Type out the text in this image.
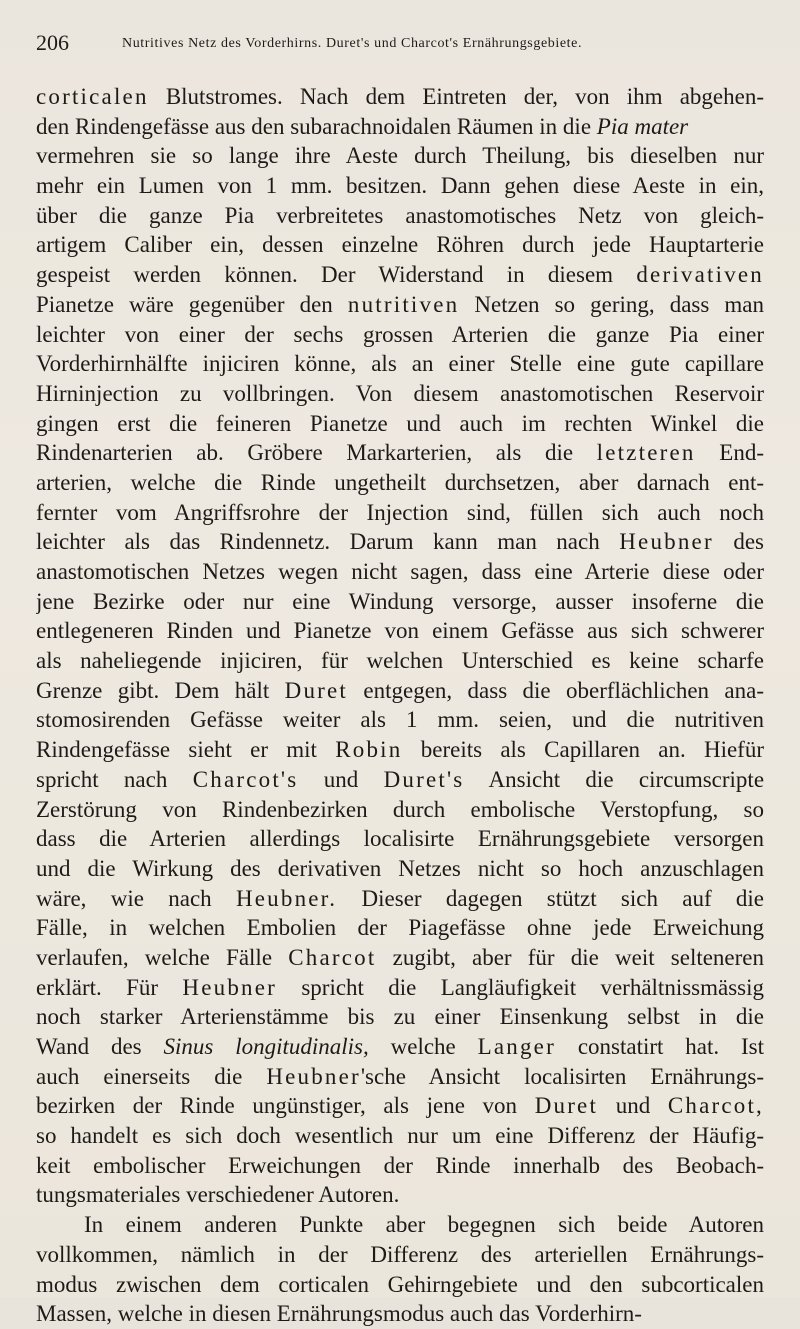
206	Nutritives Netz des Vorderhirns. Duret's und Charcot's Ernährungsgebiete.
corticalen Blutstromes. Nach dem Eintreten der, von ihm abgehen-
den Rindengefässe aus den subarachnoidalen Räumen in die Pia mater
vermehren sie so lange ihre Aeste durch Theilung, bis dieselben nur
mehr ein Lumen von 1 mm. besitzen. Dann gehen diese Aeste in ein,
über die ganze Pia verbreitetes anastomotisches Netz von gleich-
artigem Caliber ein, dessen einzelne Röhren durch jede Hauptarterie
gespeist werden können. Der Widerstand in diesem derivativen
Pianetze wäre gegenüber den nutritiven Netzen so gering, dass man
leichter von einer der sechs grossen Arterien die ganze Pia einer
Vorderhirnhälfte injiciren könne, als an einer Stelle eine gute capillare
Hirninjection zu vollbringen. Von diesem anastomotischen Reservoir
gingen erst die feineren Pianetze und auch im rechten Winkel die
Rindenarterien ab. Gröbere Markarterien, als die letzteren End-
arterien, welche die Rinde ungetheilt durchsetzen, aber darnach ent-
fernter vom Angriffsrohre der Injection sind, füllen sich auch noch
leichter als das Rindennetz. Darum kann man nach Heubner des
anastomotischen Netzes wegen nicht sagen, dass eine Arterie diese oder
jene Bezirke oder nur eine Windung versorge, ausser insoferne die
entlegeneren Rinden und Pianetze von einem Gefässe aus sich schwerer
als naheliegende injiciren, für welchen Unterschied es keine scharfe
Grenze gibt. Dem hält Duret entgegen, dass die oberflächlichen ana-
stomosirenden Gefässe weiter als 1 mm. seien, und die nutritiven
Rindengefässe sieht er mit Robin bereits als Capillaren an. Hiefür
spricht nach Charcot's und Duret's Ansicht die circumscripte
Zerstörung von Rindenbezirken durch embolische Verstopfung, so
dass die Arterien allerdings localisirte Ernährungsgebiete versorgen
und die Wirkung des derivativen Netzes nicht so hoch anzuschlagen
wäre, wie nach Heubner. Dieser dagegen stützt sich auf die
Fälle, in welchen Embolien der Piagefässe ohne jede Erweichung
verlaufen, welche Fälle Charcot zugibt, aber für die weit selteneren
erklärt. Für Heubner spricht die Langläufigkeit verhältnissmässig
noch starker Arterienstämme bis zu einer Einsenkung selbst in die
Wand des Sinus longitudinalis, welche Langer constatirt hat. Ist
auch einerseits die Heubner'sche Ansicht localisirten Ernährungs-
bezirken der Rinde ungünstiger, als jene von Duret und Charcot,
so handelt es sich doch wesentlich nur um eine Differenz der Häufig-
keit embolischer Erweichungen der Rinde innerhalb des Beobach-
tungsmateriales verschiedener Autoren.
In einem anderen Punkte aber begegnen sich beide Autoren
vollkommen, nämlich in der Differenz des arteriellen Ernährungs-
modus zwischen dem corticalen Gehirngebiete und den subcorticalen
Massen, welche in diesen Ernährungsmodus auch das Vorderhirn-
